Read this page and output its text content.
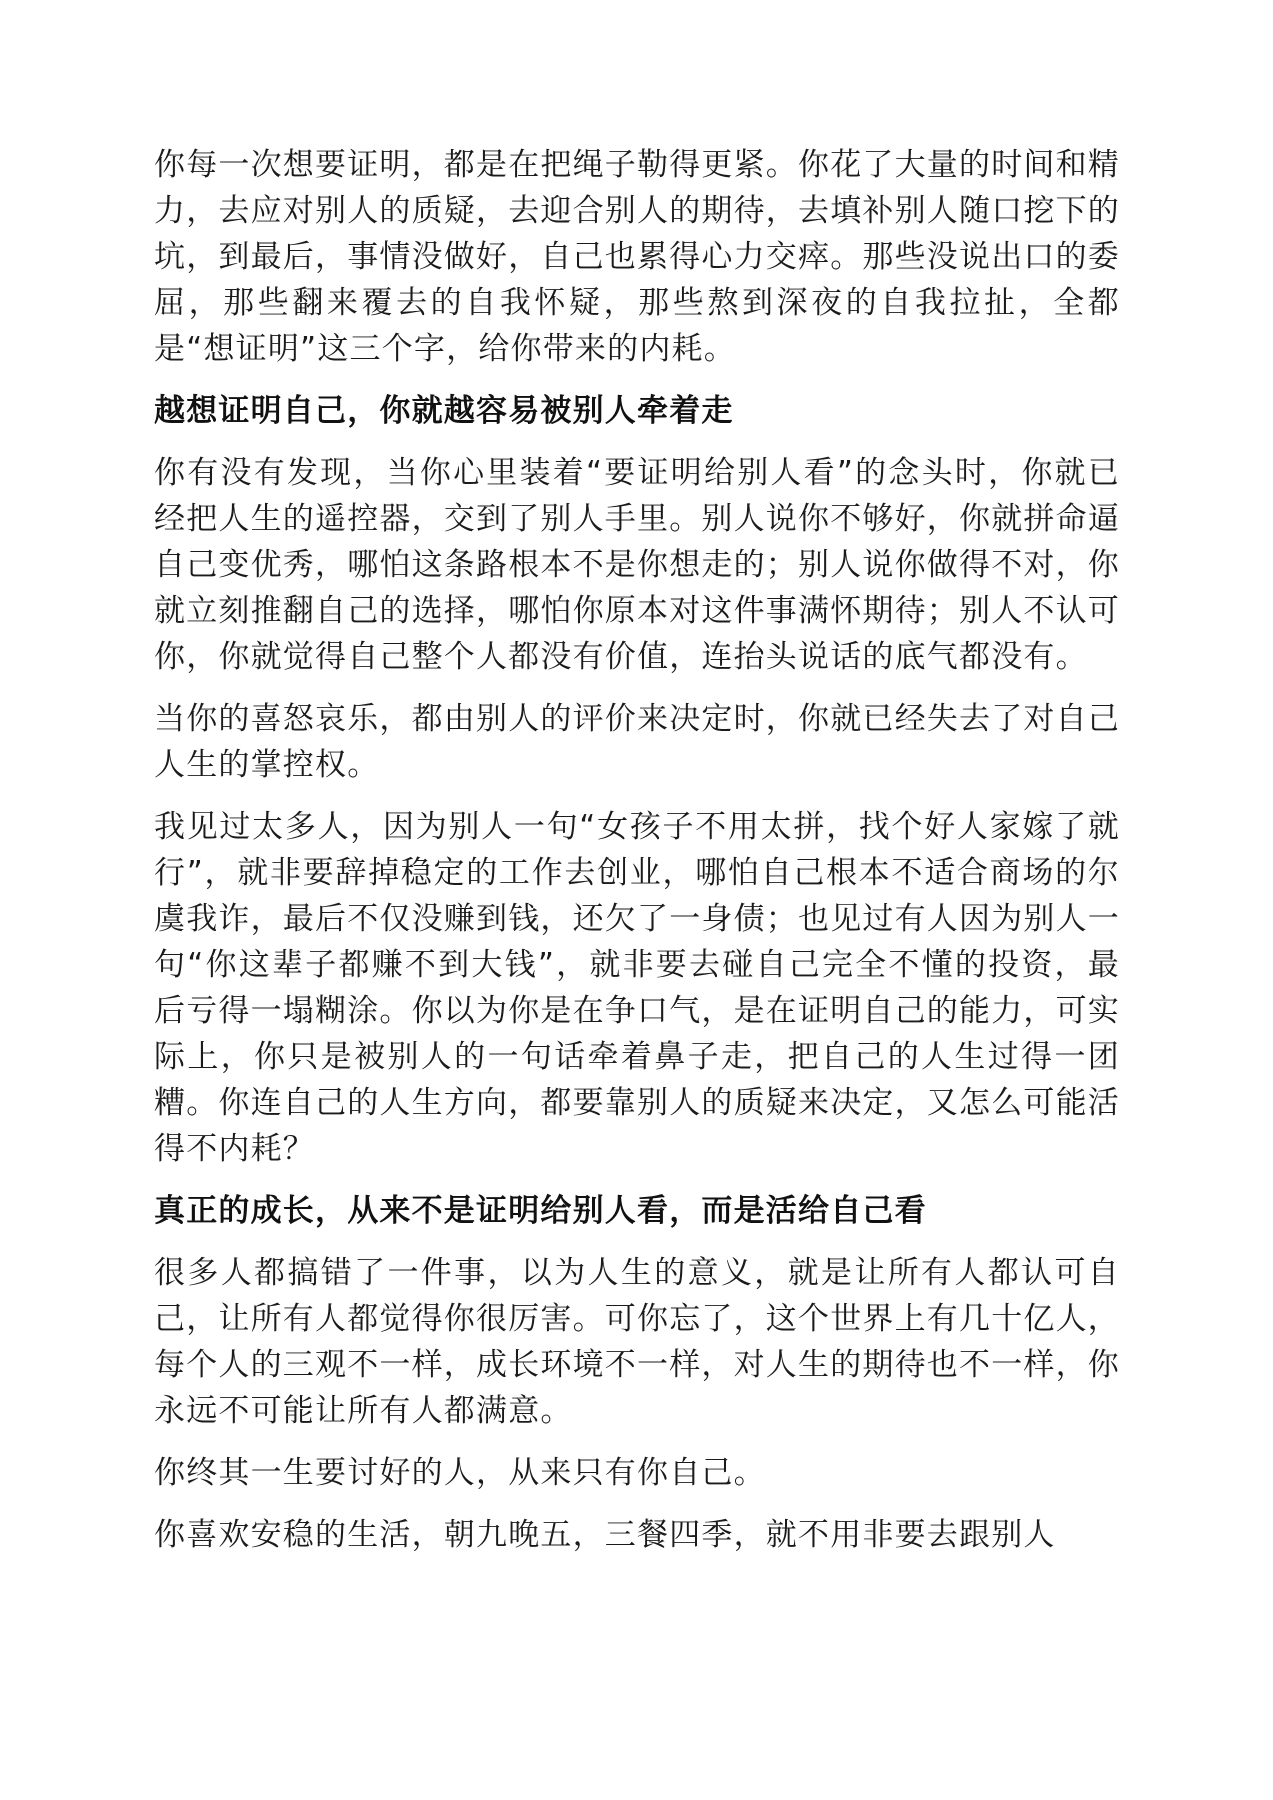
你每一次想要证明，都是在把绳子勒得更紧。你花了大量的时间和精力，去应对别人的质疑，去迎合别人的期待，去填补别人随口挖下的坑，到最后，事情没做好，自己也累得心力交瘁。那些没说出口的委屈，那些翻来覆去的自我怀疑，那些熬到深夜的自我拉扯，全都是“想证明”这三个字，给你带来的内耗。

越想证明自己，你就越容易被别人牵着走

你有没有发现，当你心里装着“要证明给别人看”的念头时，你就已经把人生的遥控器，交到了别人手里。别人说你不够好，你就拼命逼自己变优秀，哪怕这条路根本不是你想走的；别人说你做得不对，你就立刻推翻自己的选择，哪怕你原本对这件事满怀期待；别人不认可你，你就觉得自己整个人都没有价值，连抬头说话的底气都没有。

当你的喜怒哀乐，都由别人的评价来决定时，你就已经失去了对自己人生的掌控权。

我见过太多人，因为别人一句“女孩子不用太拼，找个好人家嫁了就行”，就非要辞掉稳定的工作去创业，哪怕自己根本不适合商场的尔虞我诈，最后不仅没赚到钱，还欠了一身债；也见过有人因为别人一句“你这辈子都赚不到大钱”，就非要去碰自己完全不懂的投资，最后亏得一塌糊涂。你以为你是在争口气，是在证明自己的能力，可实际上，你只是被别人的一句话牵着鼻子走，把自己的人生过得一团糟。你连自己的人生方向，都要靠别人的质疑来决定，又怎么可能活得不内耗？

真正的成长，从来不是证明给别人看，而是活给自己看

很多人都搞错了一件事，以为人生的意义，就是让所有人都认可自己，让所有人都觉得你很厉害。可你忘了，这个世界上有几十亿人，每个人的三观不一样，成长环境不一样，对人生的期待也不一样，你永远不可能让所有人都满意。

你终其一生要讨好的人，从来只有你自己。

你喜欢安稳的生活，朝九晚五，三餐四季，就不用非要去跟别人
